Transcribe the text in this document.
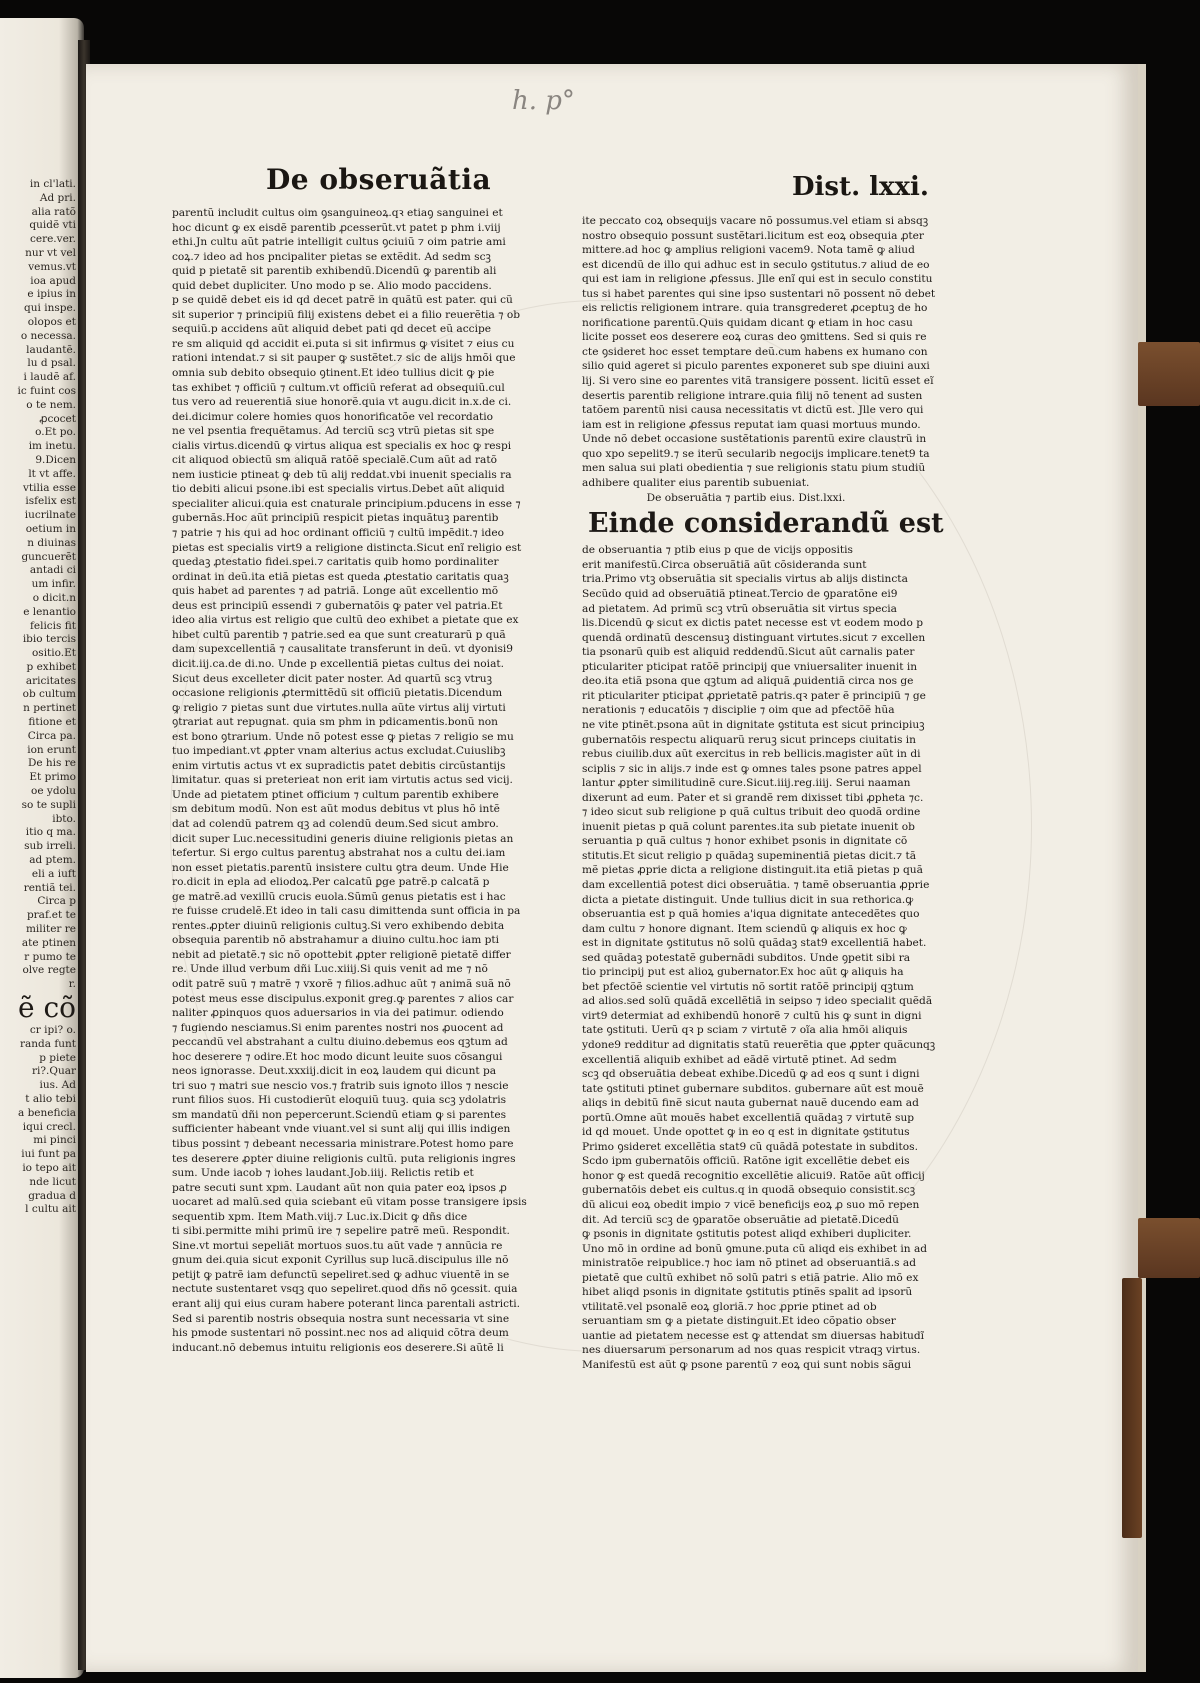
in cl'lati.
Ad pri.
alia ratõ
quidẽ vti
cere.ver.
nur vt vel
vemus.vt
ioa apud
e ipius in
qui inspe.
olopos et
o necessa.
laudantẽ.
lu d psal.
i laudẽ af.
ic fuint cos
o te nem.
ꝓcocet
o.Et po.
im inetu.
9.Dicen
lt vt affe.
vtilia esse
isfelix est
iucrilnate
oetium in
n diuinas
guncuerẽt
antadi ci
um infir.
o dicit.n
e lenantio
felicis fit
ibio tercis
ositio.Et
p exhibet
aricitates
ob cultum
n pertinet
fitione et
Circa pa.
ion erunt
De his re
Et primo
oe ydolu
so te supli
ibto.
itio q ma.
sub irreli.
ad ptem.
eli a iuft
rentiã tei.
Circa p
praf.et te
militer re
ate ptinen
r pumo te
olve regte
r.
ẽ cõ
cr ipi? o.
randa funt
p piete
ri?.Quar
ius. Ad
t alio tebi
a beneficia
iqui crecl.
mi pinci
iui funt pa
io tepo ait
nde licut
gradua d
l cultu ait
h. p°
De obseruãtia	Dist. lxxi.
parentũ includit cultus oim ꝯsanguineoꝝ.qꝛ etiaꝯ sanguinei et
hoc dicunt ꝙ ex eisdẽ parentib ꝓcesserũt.vt patet p phm i.viij
ethi.Jn cultu aũt patrie intelligit cultus ꝯciuiũ ⁊ oim patrie ami
coꝝ.⁊ ideo ad hos pncipaliter pietas se extẽdit. Ad sedm scꝫ
quid p pietatẽ sit parentib exhibendũ.Dicendũ ꝙ parentib ali
quid debet dupliciter. Uno modo p se. Alio modo paccidens.
p se quidẽ debet eis id qd decet patrẽ in quãtũ est pater. qui cũ
sit superior ⁊ principiũ filij existens debet ei a filio reuerẽtia ⁊ ob
sequiũ.p accidens aũt aliquid debet pati qd decet eũ accipe
re sm aliquid qd accidit ei.puta si sit infirmus ꝙ visitet ⁊ eius cu
rationi intendat.⁊ si sit pauper ꝙ sustẽtet.⁊ sic de alijs hmõi que
omnia sub debito obsequio ꝯtinent.Et ideo tullius dicit ꝙ pie
tas exhibet ⁊ officiũ ⁊ cultum.vt officiũ referat ad obsequiũ.cul
tus vero ad reuerentiã siue honorẽ.quia vt augu.dicit in.x.de ci.
dei.dicimur colere homies quos honorificatõe vel recordatio
ne vel psentia frequẽtamus. Ad terciũ scꝫ vtrũ pietas sit spe
cialis virtus.dicendũ ꝙ virtus aliqua est specialis ex hoc ꝙ respi
cit aliquod obiectũ sm aliquã ratõẽ specialẽ.Cum aũt ad ratõ
nem iusticie ptineat ꝙ deb tũ alij reddat.vbi inuenit specialis ra
tio debiti alicui psone.ibi est specialis virtus.Debet aũt aliquid
specialiter alicui.quia est cnaturale principium.pducens in esse ⁊
gubernãs.Hoc aũt principiũ respicit pietas inquãtuꝫ parentib
⁊ patrie ⁊ his qui ad hoc ordinant officiũ ⁊ cultũ impẽdit.⁊ ideo
pietas est specialis virt9 a religione distincta.Sicut enĩ religio est
quedaꝫ ꝓtestatio fidei.spei.⁊ caritatis quib homo pordinaliter
ordinat in deũ.ita etiã pietas est queda ꝓtestatio caritatis quaꝫ
quis habet ad parentes ⁊ ad patriã. Longe aũt excellentio mõ
deus est principiũ essendi ⁊ gubernatõis ꝙ pater vel patria.Et
ideo alia virtus est religio que cultũ deo exhibet a pietate que ex
hibet cultũ parentib ⁊ patrie.sed ea que sunt creaturarũ p quã
dam supexcellentiã ⁊ causalitate transferunt in deũ. vt dyonisi9
dicit.iij.ca.de di.no. Unde p excellentiã pietas cultus dei noiat.
Sicut deus excelleter dicit pater noster. Ad quartũ scꝫ vtruꝫ
occasione religionis ꝓtermittẽdũ sit officiũ pietatis.Dicendum
ꝙ religio ⁊ pietas sunt due virtutes.nulla aũte virtus alij virtuti
ꝯtrariat aut repugnat. quia sm phm in pdicamentis.bonũ non
est bono ꝯtrarium. Unde nõ potest esse ꝙ pietas ⁊ religio se mu
tuo impediant.vt ꝓpter vnam alterius actus excludat.Cuiuslibꝫ
enim virtutis actus vt ex supradictis patet debitis circũstantijs
limitatur. quas si preterieat non erit iam virtutis actus sed vicij.
Unde ad pietatem ptinet officium ⁊ cultum parentib exhibere
sm debitum modũ. Non est aũt modus debitus vt plus hõ intẽ
dat ad colendũ patrem qꝫ ad colendũ deum.Sed sicut ambro.
dicit super Luc.necessitudini generis diuine religionis pietas an
tefertur. Si ergo cultus parentuꝫ abstrahat nos a cultu dei.iam
non esset pietatis.parentũ insistere cultu ꝯtra deum. Unde Hie
ro.dicit in epla ad eliodoꝝ.Per calcatũ ꝑge patrẽ.p calcatã p
ge matrẽ.ad vexillũ crucis euola.Sũmũ genus pietatis est i hac
re fuisse crudelẽ.Et ideo in tali casu dimittenda sunt officia in pa
rentes.ꝓpter diuinũ religionis cultuꝫ.Si vero exhibendo debita
obsequia parentib nõ abstrahamur a diuino cultu.hoc iam pti
nebit ad pietatẽ.⁊ sic nõ opottebit ꝓpter religionẽ pietatẽ differ
re. Unde illud verbum dñi Luc.xiiij.Si quis venit ad me ⁊ nõ
odit patrẽ suũ ⁊ matrẽ ⁊ vxorẽ ⁊ filios.adhuc aũt ⁊ animã suã nõ
potest meus esse discipulus.exponit greg.ꝙ parentes ⁊ alios car
naliter ꝓpinquos quos aduersarios in via dei patimur. odiendo
⁊ fugiendo nesciamus.Si enim parentes nostri nos ꝓuocent ad
peccandũ vel abstrahant a cultu diuino.debemus eos qꝫtum ad
hoc deserere ⁊ odire.Et hoc modo dicunt leuite suos cõsangui
neos ignorasse. Deut.xxxiij.dicit in eoꝝ laudem qui dicunt pa
tri suo ⁊ matri sue nescio vos.⁊ fratrib suis ignoto illos ⁊ nescie
runt filios suos. Hi custodierũt eloquiũ tuuꝫ. quia scꝫ ydolatris
sm mandatũ dñi non pepercerunt.Sciendũ etiam ꝙ si parentes
sufficienter habeant vnde viuant.vel si sunt alij qui illis indigen
tibus possint ⁊ debeant necessaria ministrare.Potest homo pare
tes deserere ꝓpter diuine religionis cultũ. puta religionis ingres
sum. Unde iacob ⁊ iohes laudant.Job.iiij. Relictis retib et
patre secuti sunt xpm. Laudant aũt non quia pater eoꝝ ipsos ꝓ
uocaret ad malũ.sed quia sciebant eũ vitam posse transigere ipsis
sequentib xpm. Item Math.viij.⁊ Luc.ix.Dicit ꝙ dñs dice
ti sibi.permitte mihi primũ ire ⁊ sepelire patrẽ meũ. Respondit.
Sine.vt mortui sepeliãt mortuos suos.tu aũt vade ⁊ annũcia re
gnum dei.quia sicut exponit Cyrillus sup lucã.discipulus ille nõ
petijt ꝙ patrẽ iam defunctũ sepeliret.sed ꝙ adhuc viuentẽ in se
nectute sustentaret vsqꝫ quo sepeliret.quod dñs nõ ꝯcessit. quia
erant alij qui eius curam habere poterant linca parentali astricti.
Sed si parentib nostris obsequia nostra sunt necessaria vt sine
his pmode sustentari nõ possint.nec nos ad aliquid cõtra deum
inducant.nõ debemus intuitu religionis eos deserere.Si aũtẽ li
ite peccato coꝝ obsequijs vacare nõ possumus.vel etiam si absqꝫ
nostro obsequio possunt sustẽtari.licitum est eoꝝ obsequia ꝓter
mittere.ad hoc ꝙ amplius religioni vacem9. Nota tamẽ ꝙ aliud
est dicendũ de illo qui adhuc est in seculo ꝯstitutus.⁊ aliud de eo
qui est iam in religione ꝓfessus. Jlle enĩ qui est in seculo constitu
tus si habet parentes qui sine ipso sustentari nõ possent nõ debet
eis relictis religionem intrare. quia transgrederet ꝓceptuꝫ de ho
norificatione parentũ.Quis quidam dicant ꝙ etiam in hoc casu
licite posset eos deserere eoꝝ curas deo ꝯmittens. Sed si quis re
cte ꝯsideret hoc esset temptare deũ.cum habens ex humano con
silio quid ageret si piculo parentes exponeret sub spe diuini auxi
lij. Si vero sine eo parentes vitã transigere possent. licitũ esset eĩ
desertis parentib religione intrare.quia filij nõ tenent ad susten
tatõem parentũ nisi causa necessitatis vt dictũ est. Jlle vero qui
iam est in religione ꝓfessus reputat iam quasi mortuus mundo.
Unde nõ debet occasione sustẽtationis parentũ exire claustrũ in
quo xpo sepelit9.⁊ se iterũ secularib negocijs implicare.tenet9 ta
men salua sui plati obedientia ⁊ sue religionis statu pium studiũ
adhibere qualiter eius parentib subueniat.
De obseruãtia ⁊ partib eius. Dist.lxxi.
Einde considerandũ est
de obseruantia ⁊ ptib eius p que de vicijs oppositis
erit manifestũ.Circa obseruãtiã aũt cõsideranda sunt
tria.Primo vtꝫ obseruãtia sit specialis virtus ab alijs distincta
Secũdo quid ad obseruãtiã ptineat.Tercio de ꝯparatõne ei9
ad pietatem. Ad primũ scꝫ vtrũ obseruãtia sit virtus specia
lis.Dicendũ ꝙ sicut ex dictis patet necesse est vt eodem modo p
quendã ordinatũ descensuꝫ distinguant virtutes.sicut ⁊ excellen
tia psonarũ quib est aliquid reddendũ.Sicut aũt carnalis pater
pticulariter pticipat ratõẽ principij que vniuersaliter inuenit in
deo.ita etiã psona que qꝫtum ad aliquã ꝓuidentiã circa nos ge
rit pticulariter pticipat ꝓprietatẽ patris.qꝛ pater ẽ principiũ ⁊ ge
nerationis ⁊ educatõis ⁊ disciplie ⁊ oim que ad pfectõẽ hũa
ne vite ptinẽt.psona aũt in dignitate ꝯstituta est sicut principiuꝫ
gubernatõis respectu aliquarũ reruꝫ sicut princeps ciuitatis in
rebus ciuilib.dux aũt exercitus in reb bellicis.magister aũt in di
sciplis ⁊ sic in alijs.⁊ inde est ꝙ omnes tales psone patres appel
lantur ꝓpter similitudinẽ cure.Sicut.iiij.reg.iiij. Serui naaman
dixerunt ad eum. Pater et si grandẽ rem dixisset tibi ꝓpheta ⁊c.
⁊ ideo sicut sub religione p quã cultus tribuit deo quodã ordine
inuenit pietas p quã colunt parentes.ita sub pietate inuenit ob
seruantia p quã cultus ⁊ honor exhibet psonis in dignitate cõ
stitutis.Et sicut religio p quãdaꝫ supeminentiã pietas dicit.⁊ tã
mẽ pietas ꝓprie dicta a religione distinguit.ita etiã pietas p quã
dam excellentiã potest dici obseruãtia. ⁊ tamẽ obseruantia ꝓprie
dicta a pietate distinguit. Unde tullius dicit in sua rethorica.ꝙ
obseruantia est p quã homies a'iqua dignitate antecedẽtes quo
dam cultu ⁊ honore dignant. Item sciendũ ꝙ aliquis ex hoc ꝙ
est in dignitate ꝯstitutus nõ solũ quãdaꝫ stat9 excellentiã habet.
sed quãdaꝫ potestatẽ gubernãdi subditos. Unde ꝯpetit sibi ra
tio principij put est alioꝝ gubernator.Ex hoc aũt ꝙ aliquis ha
bet pfectõẽ scientie vel virtutis nõ sortit ratõẽ principij qꝫtum
ad alios.sed solũ quãdã excellẽtiã in seipso ⁊ ideo specialit quẽdã
virt9 determiat ad exhibendũ honorẽ ⁊ cultũ his ꝙ sunt in digni
tate ꝯstituti. Uerũ qꝛ p sciam ⁊ virtutẽ ⁊ oĩa alia hmõi aliquis
ydone9 redditur ad dignitatis statũ reuerẽtia que ꝓpter quãcunqꝫ
excellentiã aliquib exhibet ad eãdẽ virtutẽ ptinet. Ad sedm
scꝫ qd obseruãtia debeat exhibe.Dicedũ ꝙ ad eos q sunt i digni
tate ꝯstituti ptinet gubernare subditos. gubernare aũt est mouẽ
aliqs in debitũ finẽ sicut nauta gubernat nauẽ ducendo eam ad
portũ.Omne aũt mouẽs habet excellentiã quãdaꝫ ⁊ virtutẽ sup
id qd mouet. Unde opottet ꝙ in eo q est in dignitate ꝯstitutus
Primo ꝯsideret excellẽtia stat9 cũ quãdã potestate in subditos.
Scdo ipm gubernatõis officiũ. Ratõne igit excellẽtie debet eis
honor ꝙ est quedã recognitio excellẽtie alicui9. Ratõe aũt officij
gubernatõis debet eis cultus.q in quodã obsequio consistit.scꝫ
dũ alicui eoꝝ obedit impio ⁊ vicẽ beneficijs eoꝝ ꝓ suo mõ repen
dit. Ad terciũ scꝫ de ꝯparatõe obseruãtie ad pietatẽ.Dicedũ
ꝙ psonis in dignitate ꝯstitutis potest aliqd exhiberi dupliciter.
Uno mõ in ordine ad bonũ ꝯmune.puta cũ aliqd eis exhibet in ad
ministratõe reipublice.⁊ hoc iam nõ ptinet ad obseruantiã.s ad
pietatẽ que cultũ exhibet nõ solũ patri s etiã patrie. Alio mõ ex
hibet aliqd psonis in dignitate ꝯstitutis ptinẽs spalit ad ipsorũ
vtilitatẽ.vel psonalẽ eoꝝ gloriã.⁊ hoc ꝓprie ptinet ad ob
seruantiam sm ꝙ a pietate distinguit.Et ideo cõpatio obser
uantie ad pietatem necesse est ꝙ attendat sm diuersas habitudĩ
nes diuersarum personarum ad nos quas respicit vtraqꝫ virtus.
Manifestũ est aũt ꝙ psone parentũ ⁊ eoꝝ qui sunt nobis sãgui
